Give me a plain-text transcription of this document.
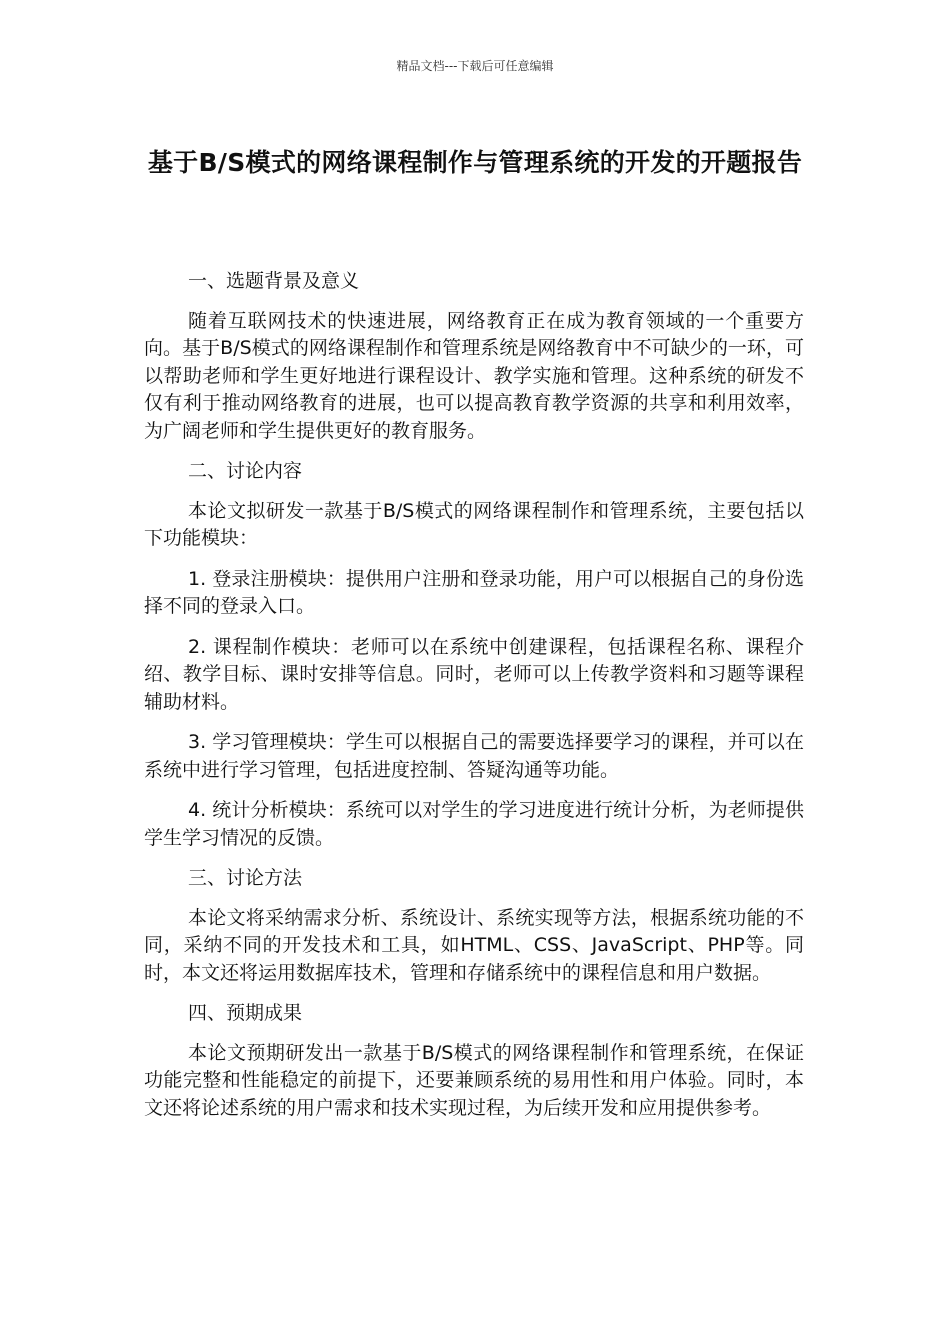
精品文档---下载后可任意编辑
基于B/S模式的网络课程制作与管理系统的开发的开题报告

一、选题背景及意义

随着互联网技术的快速进展，网络教育正在成为教育领域的一个重要方向。基于B/S模式的网络课程制作和管理系统是网络教育中不可缺少的一环，可以帮助老师和学生更好地进行课程设计、教学实施和管理。这种系统的研发不仅有利于推动网络教育的进展，也可以提高教育教学资源的共享和利用效率，为广阔老师和学生提供更好的教育服务。

二、讨论内容

本论文拟研发一款基于B/S模式的网络课程制作和管理系统，主要包括以下功能模块：

1. 登录注册模块：提供用户注册和登录功能，用户可以根据自己的身份选择不同的登录入口。

2. 课程制作模块：老师可以在系统中创建课程，包括课程名称、课程介绍、教学目标、课时安排等信息。同时，老师可以上传教学资料和习题等课程辅助材料。

3. 学习管理模块：学生可以根据自己的需要选择要学习的课程，并可以在系统中进行学习管理，包括进度控制、答疑沟通等功能。

4. 统计分析模块：系统可以对学生的学习进度进行统计分析，为老师提供学生学习情况的反馈。

三、讨论方法

本论文将采纳需求分析、系统设计、系统实现等方法，根据系统功能的不同，采纳不同的开发技术和工具，如HTML、CSS、JavaScript、PHP等。同时，本文还将运用数据库技术，管理和存储系统中的课程信息和用户数据。

四、预期成果

本论文预期研发出一款基于B/S模式的网络课程制作和管理系统，在保证功能完整和性能稳定的前提下，还要兼顾系统的易用性和用户体验。同时，本文还将论述系统的用户需求和技术实现过程，为后续开发和应用提供参考。
